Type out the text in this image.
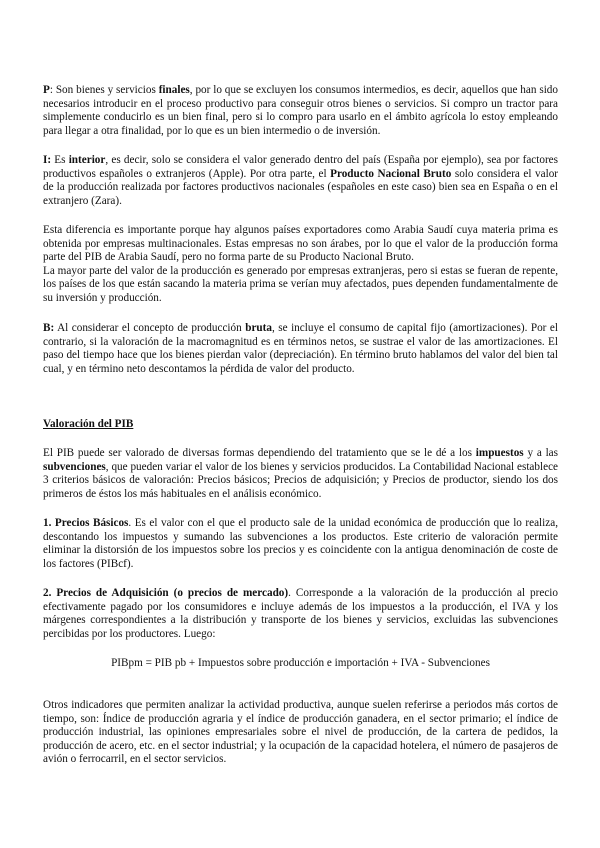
P: Son bienes y servicios finales, por lo que se excluyen los consumos intermedios, es decir, aquellos que han sido necesarios introducir en el proceso productivo para conseguir otros bienes o servicios. Si compro un tractor para simplemente conducirlo es un bien final, pero si lo compro para usarlo en el ámbito agrícola lo estoy empleando para llegar a otra finalidad, por lo que es un bien intermedio o de inversión.

I: Es interior, es decir, solo se considera el valor generado dentro del país (España por ejemplo), sea por factores productivos españoles o extranjeros (Apple). Por otra parte, el Producto Nacional Bruto solo considera el valor de la producción realizada por factores productivos nacionales (españoles en este caso) bien sea en España o en el extranjero (Zara).

Esta diferencia es importante porque hay algunos países exportadores como Arabia Saudí cuya materia prima es obtenida por empresas multinacionales. Estas empresas no son árabes, por lo que el valor de la producción forma parte del PIB de Arabia Saudí, pero no forma parte de su Producto Nacional Bruto.
La mayor parte del valor de la producción es generado por empresas extranjeras, pero si estas se fueran de repente, los países de los que están sacando la materia prima se verían muy afectados, pues dependen fundamentalmente de su inversión y producción.

B: Al considerar el concepto de producción bruta, se incluye el consumo de capital fijo (amortizaciones). Por el contrario, si la valoración de la macromagnitud es en términos netos, se sustrae el valor de las amortizaciones. El paso del tiempo hace que los bienes pierdan valor (depreciación). En término bruto hablamos del valor del bien tal cual, y en término neto descontamos la pérdida de valor del producto.

Valoración del PIB

El PIB puede ser valorado de diversas formas dependiendo del tratamiento que se le dé a los impuestos y a las subvenciones, que pueden variar el valor de los bienes y servicios producidos. La Contabilidad Nacional establece 3 criterios básicos de valoración: Precios básicos; Precios de adquisición; y Precios de productor, siendo los dos primeros de éstos los más habituales en el análisis económico.

1. Precios Básicos. Es el valor con el que el producto sale de la unidad económica de producción que lo realiza, descontando los impuestos y sumando las subvenciones a los productos. Este criterio de valoración permite eliminar la distorsión de los impuestos sobre los precios y es coincidente con la antigua denominación de coste de los factores (PIBcf).

2. Precios de Adquisición (o precios de mercado). Corresponde a la valoración de la producción al precio efectivamente pagado por los consumidores e incluye además de los impuestos a la producción, el IVA y los márgenes correspondientes a la distribución y transporte de los bienes y servicios, excluidas las subvenciones percibidas por los productores. Luego:

PIBpm = PIB pb + Impuestos sobre producción e importación + IVA - Subvenciones

Otros indicadores que permiten analizar la actividad productiva, aunque suelen referirse a periodos más cortos de tiempo, son: Índice de producción agraria y el índice de producción ganadera, en el sector primario; el índice de producción industrial, las opiniones empresariales sobre el nivel de producción, de la cartera de pedidos, la producción de acero, etc. en el sector industrial; y la ocupación de la capacidad hotelera, el número de pasajeros de avión o ferrocarril, en el sector servicios.
